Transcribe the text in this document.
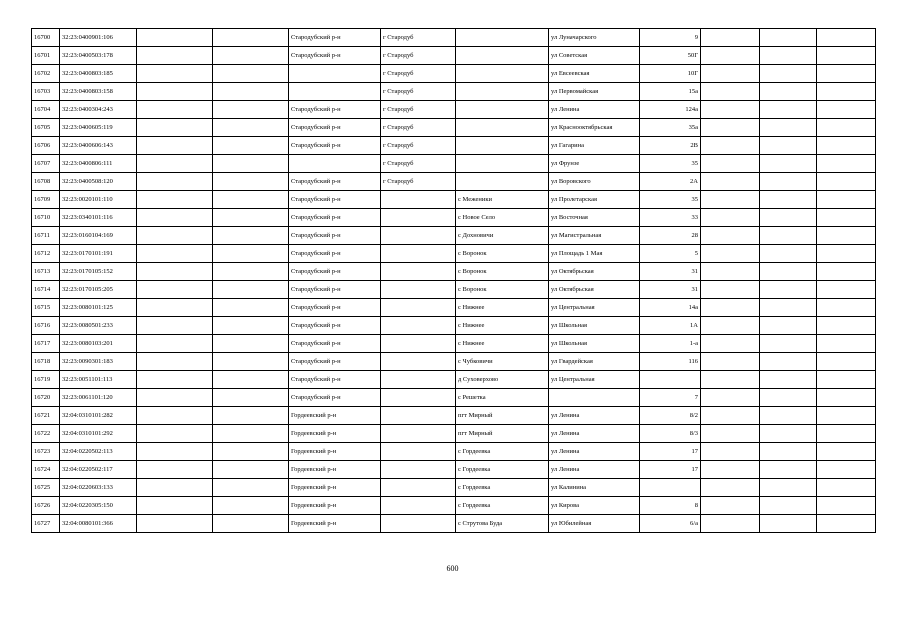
16700	32:23:0400901:106			Стародубский р-н	г Стародуб		ул Луначарского	9			
16701	32:23:0400503:178			Стародубский р-н	г Стародуб		ул Советская	50Г			
16702	32:23:0400803:185				г Стародуб		ул Евсеевская	10Г			
16703	32:23:0400803:158				г Стародуб		ул Первомайская	15а			
16704	32:23:0400304:243			Стародубский р-н	г Стародуб		ул Ленина	124а			
16705	32:23:0400605:119			Стародубский р-н	г Стародуб		ул Красноoктябрьская	35а			
16706	32:23:0400606:143			Стародубский р-н	г Стародуб		ул Гагарина	2В			
16707	32:23:0400806:111				г Стародуб		ул Фрунзе	35			
16708	32:23:0400508:120			Стародубский р-н	г Стародуб		ул Воровского	2А			
16709	32:23:0020101:110			Стародубский р-н		с Меженики	ул Пролетарская	35			
16710	32:23:0340101:116			Стародубский р-н		с Новое Село	ул Восточная	33			
16711	32:23:0160104:169			Стародубский р-н		с Дохновичи	ул Магистральная	28			
16712	32:23:0170101:191			Стародубский р-н		с Воронок	ул Площадь 1 Мая	5			
16713	32:23:0170105:152			Стародубский р-н		с Воронок	ул Октябрьская	31			
16714	32:23:0170105:205			Стародубский р-н		с Воронок	ул Октябрьская	31			
16715	32:23:0080101:125			Стародубский р-н		с Нижнее	ул Центральная	14а			
16716	32:23:0080501:233			Стародубский р-н		с Нижнее	ул Школьная	1А			
16717	32:23:0080103:201			Стародубский р-н		с Нижнее	ул Школьная	1-а			
16718	32:23:0090301:183			Стародубский р-н		с Чубковичи	ул Гвардейская	116			
16719	32:23:0051101:113			Стародубский р-н		д Суховерхово	ул Центральная				
16720	32:23:0061101:120			Стародубский р-н		с Решетка		7			
16721	32:04:0310101:282			Гордеевский р-н		пгт Мирный	ул Ленина	8/2			
16722	32:04:0310101:292			Гордеевский р-н		пгт Мирный	ул Ленина	8/3			
16723	32:04:0220502:113			Гордеевский р-н		с Гордеевка	ул Ленина	17			
16724	32:04:0220502:117			Гордеевский р-н		с Гордеевка	ул Ленина	17			
16725	32:04:0220603:133			Гордеевский р-н		с Гордеевка	ул Калинина				
16726	32:04:0220305:150			Гордеевский р-н		с Гордеевка	ул Кирова	8			
16727	32:04:0080101:366			Гордеевский р-н		с Струтова Буда	ул Юбилейная	6/а			
600
